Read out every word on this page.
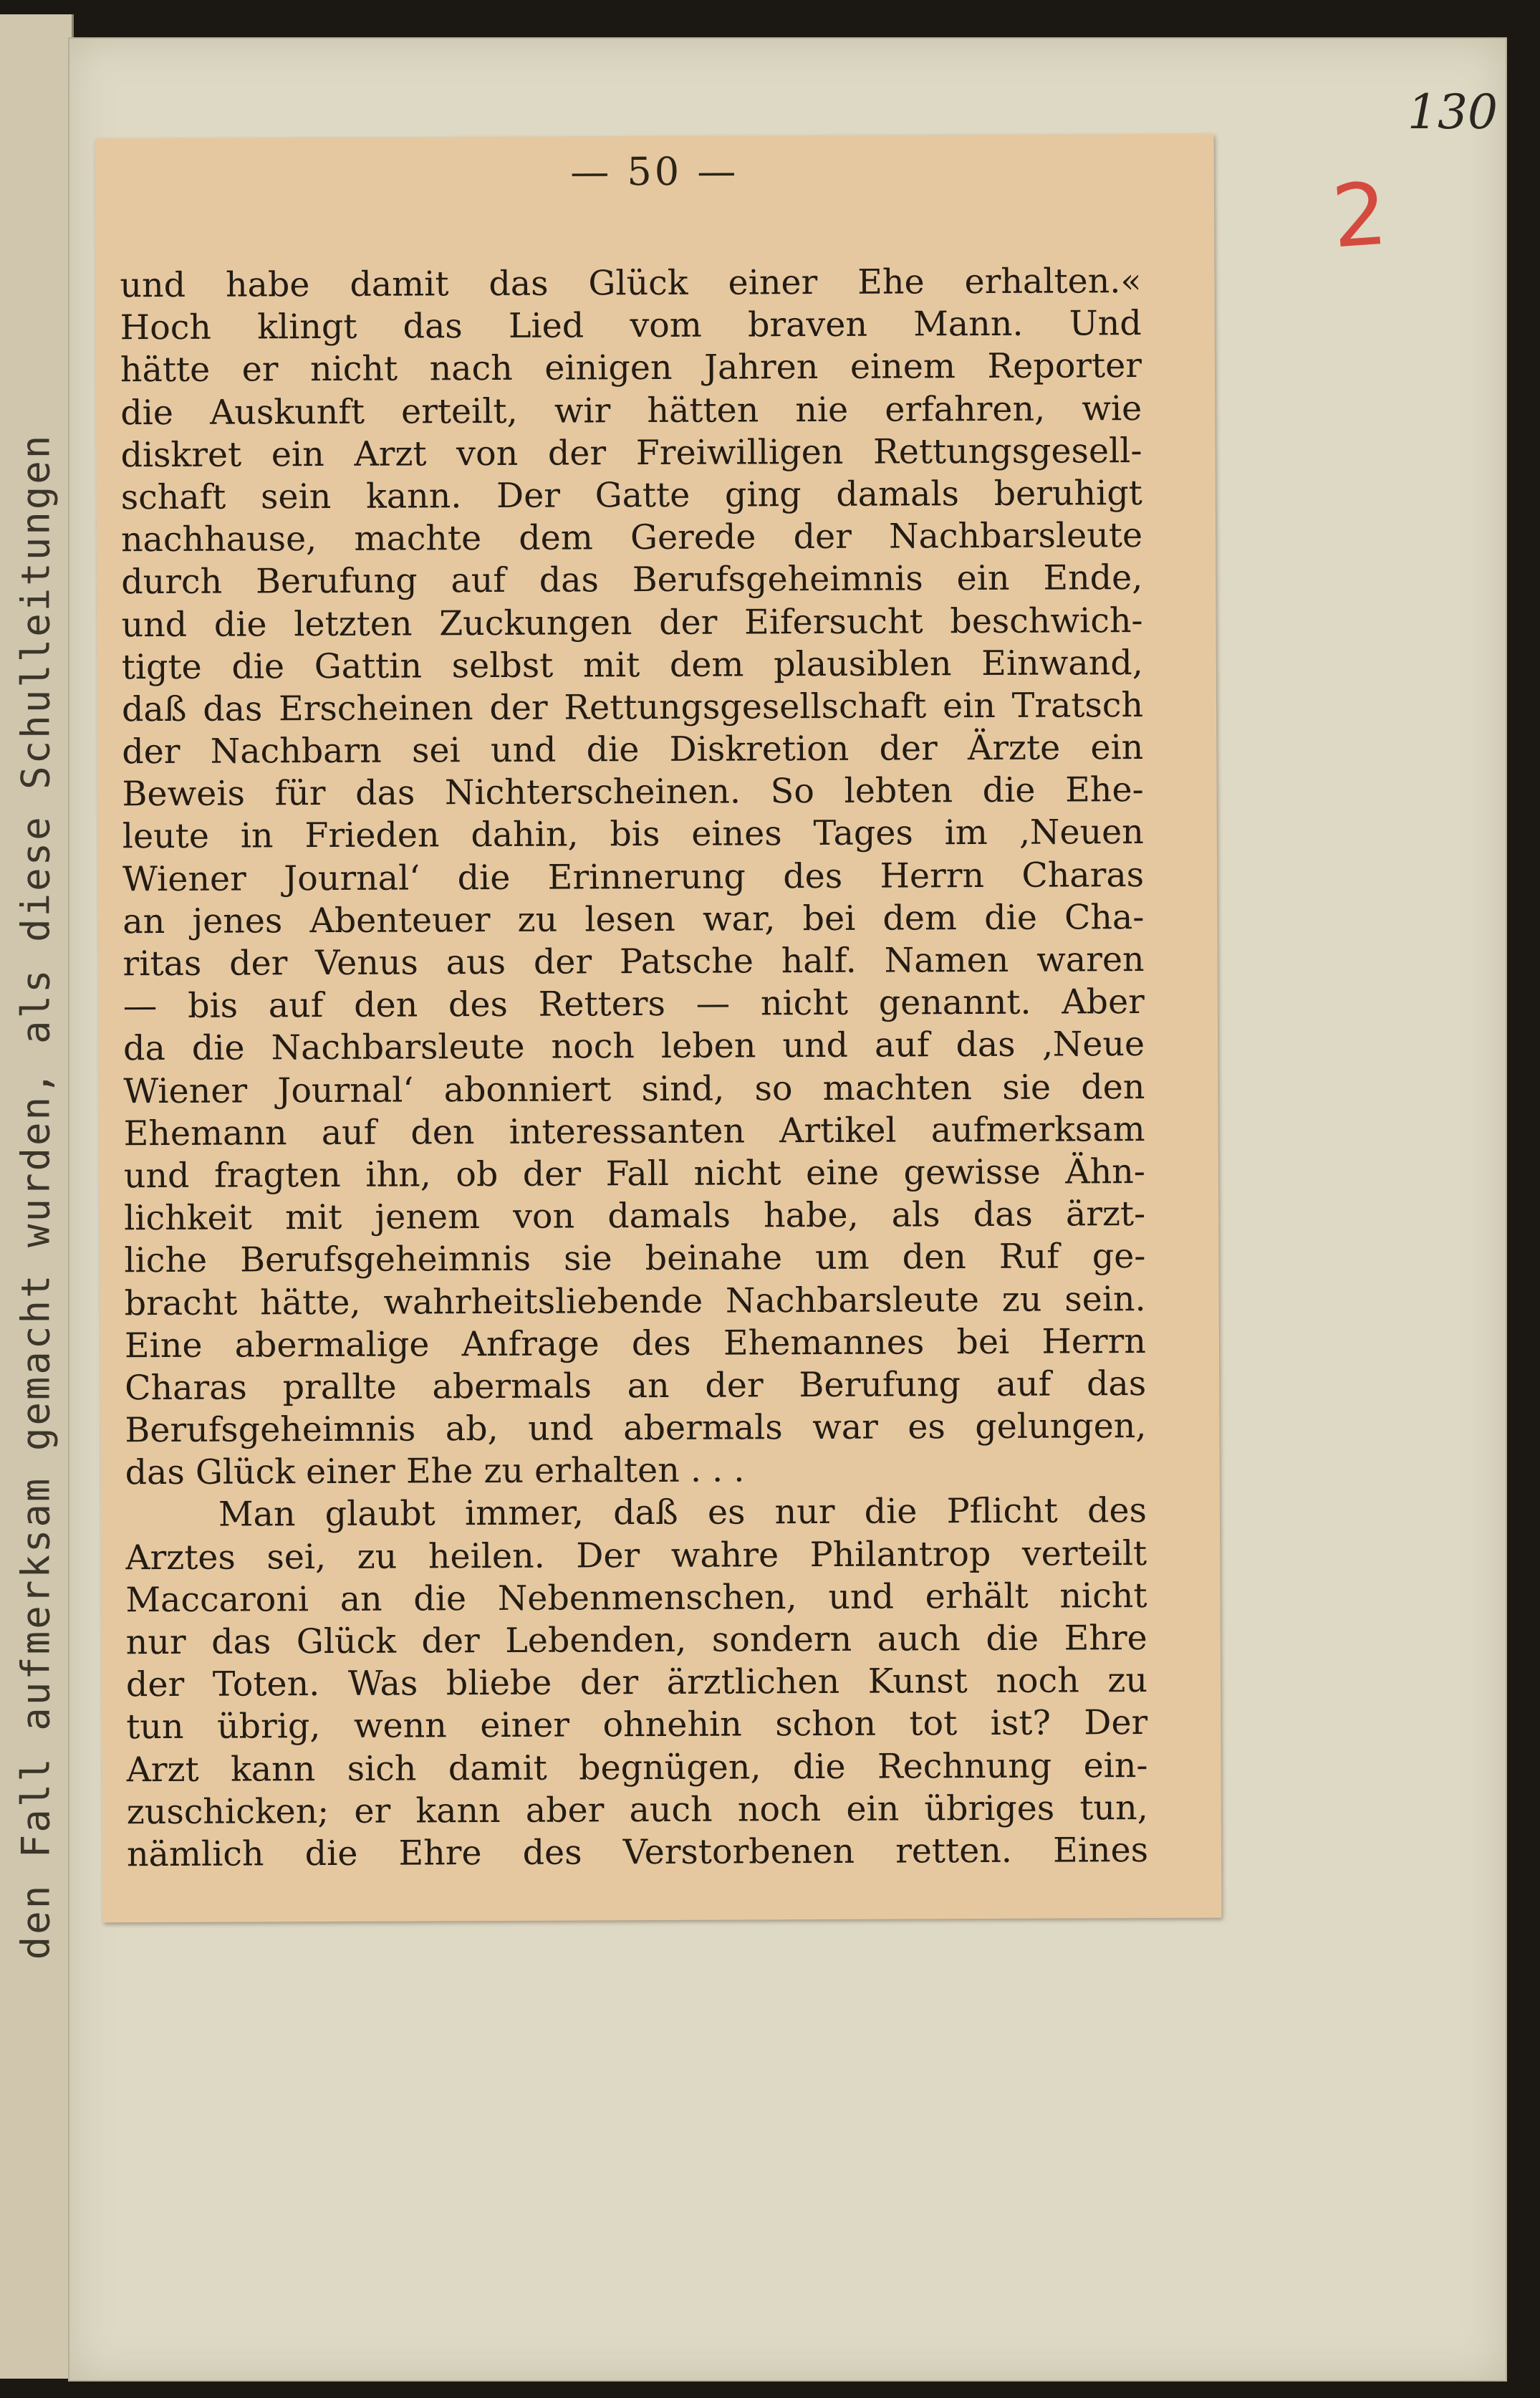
den Fall aufmerksam gemacht wurden, als diese Schulleitungen
130
2
— 50 —
und habe damit das Glück einer Ehe erhalten.«
Hoch klingt das Lied vom braven Mann. Und
hätte er nicht nach einigen Jahren einem Reporter
die Auskunft erteilt, wir hätten nie erfahren, wie
diskret ein Arzt von der Freiwilligen Rettungsgesell-
schaft sein kann. Der Gatte ging damals beruhigt
nachhause, machte dem Gerede der Nachbarsleute
durch Berufung auf das Berufsgeheimnis ein Ende,
und die letzten Zuckungen der Eifersucht beschwich-
tigte die Gattin selbst mit dem plausiblen Einwand,
daß das Erscheinen der Rettungsgesellschaft ein Tratsch
der Nachbarn sei und die Diskretion der Ärzte ein
Beweis für das Nichterscheinen. So lebten die Ehe-
leute in Frieden dahin, bis eines Tages im ‚Neuen
Wiener Journal‘ die Erinnerung des Herrn Charas
an jenes Abenteuer zu lesen war, bei dem die Cha-
ritas der Venus aus der Patsche half. Namen waren
— bis auf den des Retters — nicht genannt. Aber
da die Nachbarsleute noch leben und auf das ‚Neue
Wiener Journal‘ abonniert sind, so machten sie den
Ehemann auf den interessanten Artikel aufmerksam
und fragten ihn, ob der Fall nicht eine gewisse Ähn-
lichkeit mit jenem von damals habe, als das ärzt-
liche Berufsgeheimnis sie beinahe um den Ruf ge-
bracht hätte, wahrheitsliebende Nachbarsleute zu sein.
Eine abermalige Anfrage des Ehemannes bei Herrn
Charas prallte abermals an der Berufung auf das
Berufsgeheimnis ab, und abermals war es gelungen,
das Glück einer Ehe zu erhalten . . .
Man glaubt immer, daß es nur die Pflicht des
Arztes sei, zu heilen. Der wahre Philantrop verteilt
Maccaroni an die Nebenmenschen, und erhält nicht
nur das Glück der Lebenden, sondern auch die Ehre
der Toten. Was bliebe der ärztlichen Kunst noch zu
tun übrig, wenn einer ohnehin schon tot ist? Der
Arzt kann sich damit begnügen, die Rechnung ein-
zuschicken; er kann aber auch noch ein übriges tun,
nämlich die Ehre des Verstorbenen retten. Eines
